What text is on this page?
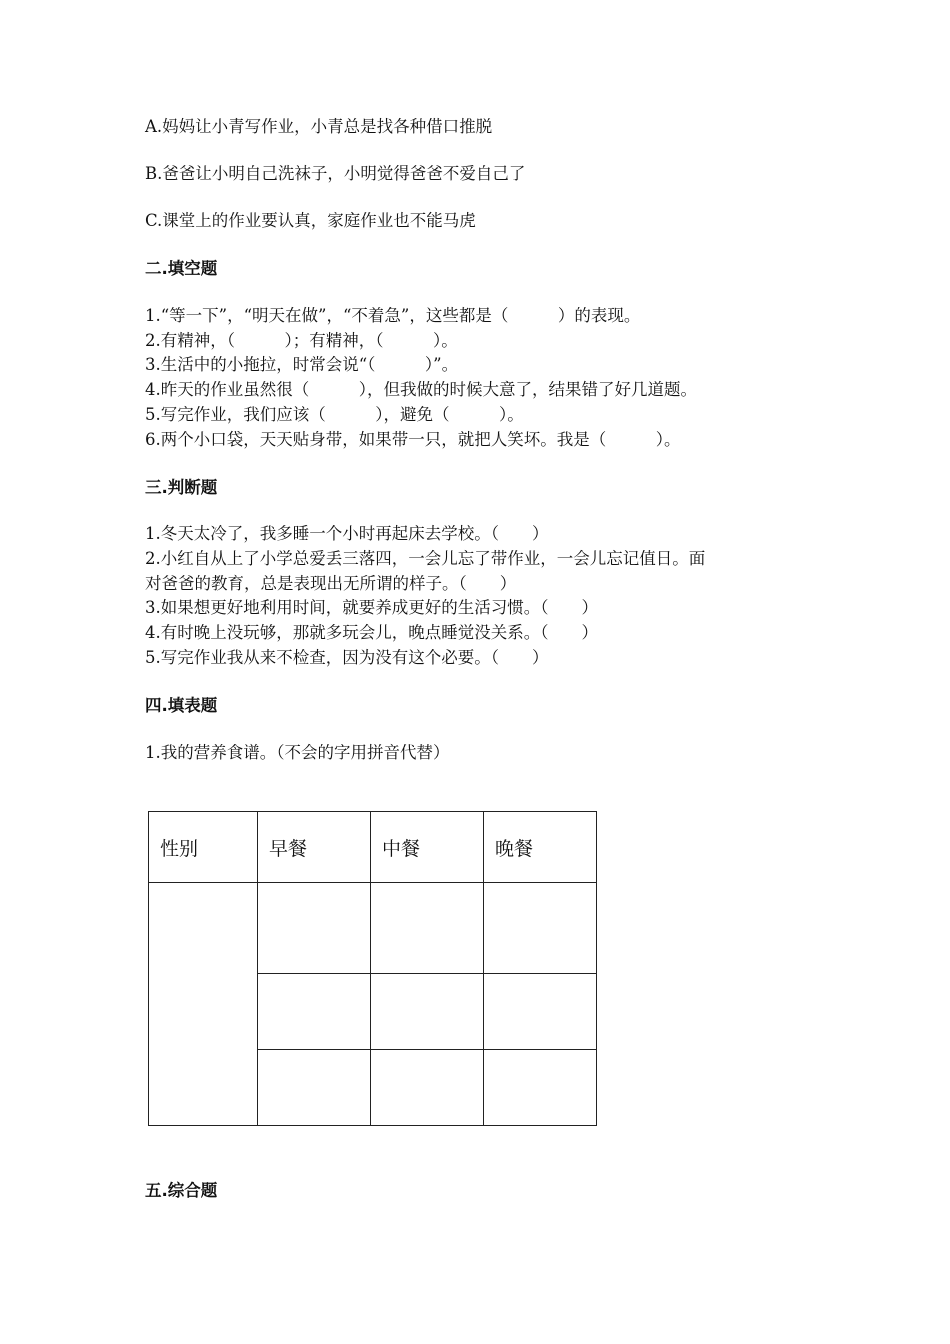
A.妈妈让小青写作业，小青总是找各种借口推脱

B.爸爸让小明自己洗袜子，小明觉得爸爸不爱自己了

C.课堂上的作业要认真，家庭作业也不能马虎

二.填空题

1.“等一下”，“明天在做”，“不着急”，这些都是（　　　）的表现。

2.有精神，（　　　）；有精神，（　　　）。

3.生活中的小拖拉，时常会说“（　　　）”。

4.昨天的作业虽然很（　　　），但我做的时候大意了，结果错了好几道题。

5.写完作业，我们应该（　　　），避免（　　　）。

6.两个小口袋，天天贴身带，如果带一只，就把人笑坏。我是（　　　）。

三.判断题

1.冬天太冷了，我多睡一个小时再起床去学校。（　　）

2.小红自从上了小学总爱丢三落四，一会儿忘了带作业，一会儿忘记值日。面

对爸爸的教育，总是表现出无所谓的样子。（　　）

3.如果想更好地利用时间，就要养成更好的生活习惯。（　　）

4.有时晚上没玩够，那就多玩会儿，晚点睡觉没关系。（　　）

5.写完作业我从来不检查，因为没有这个必要。（　　）

四.填表题

1.我的营养食谱。（不会的字用拼音代替）

性别	早餐	中餐	晚餐

五.综合题
